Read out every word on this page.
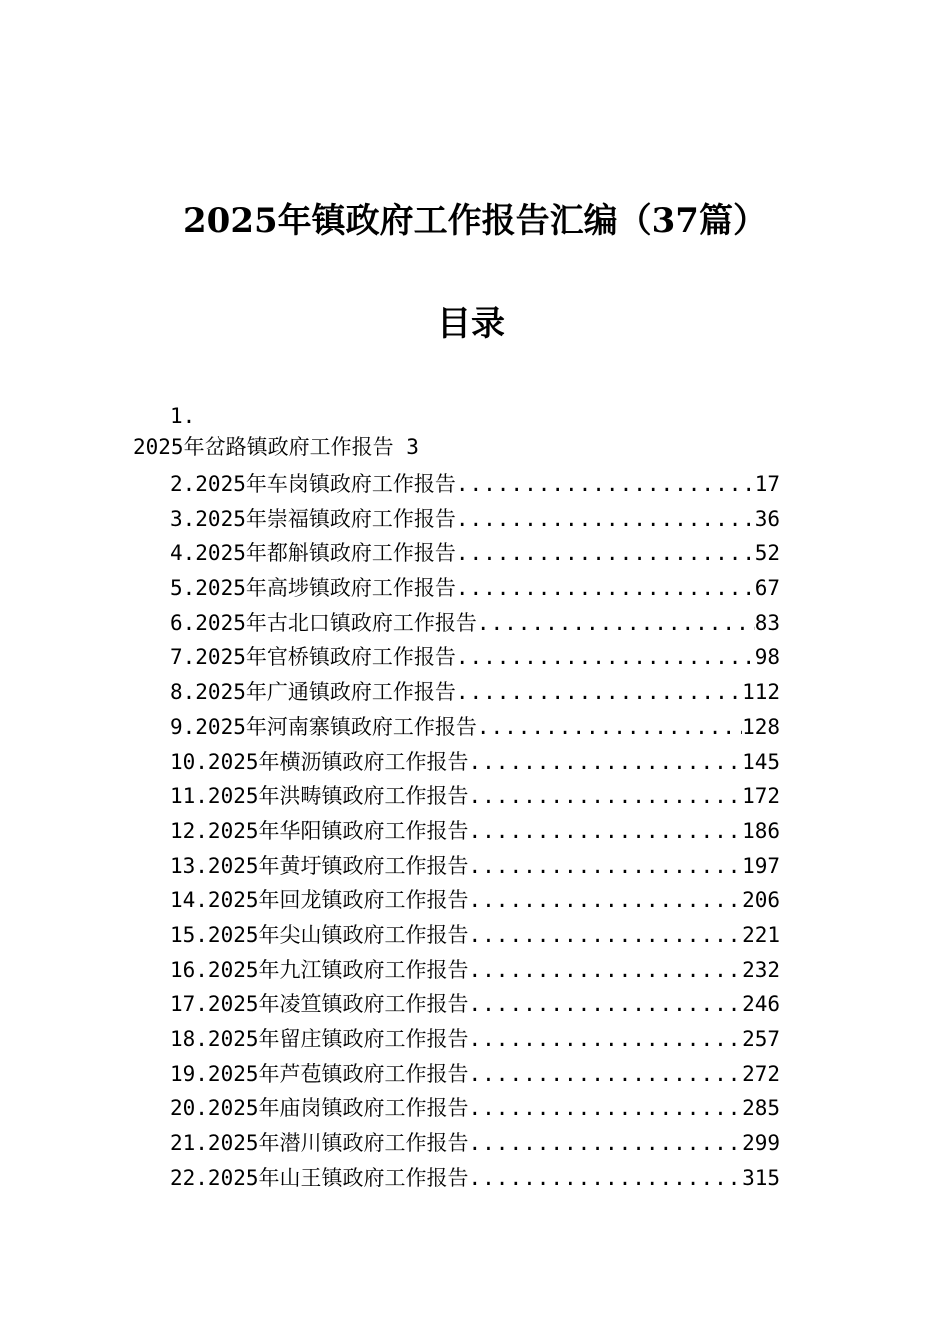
2025年镇政府工作报告汇编（37篇）
目录
1.
2025年岔路镇政府工作报告 3
2.2025年车岗镇政府工作报告 .....	17
3.2025年崇福镇政府工作报告 .....	36
4.2025年都斛镇政府工作报告 .....	52
5.2025年高埗镇政府工作报告 .....	67
6.2025年古北口镇政府工作报告 .....	83
7.2025年官桥镇政府工作报告 .....	98
8.2025年广通镇政府工作报告 .....	112
9.2025年河南寨镇政府工作报告 .....	128
10.2025年横沥镇政府工作报告 .....	145
11.2025年洪畴镇政府工作报告 .....	172
12.2025年华阳镇政府工作报告 .....	186
13.2025年黄圩镇政府工作报告 .....	197
14.2025年回龙镇政府工作报告 .....	206
15.2025年尖山镇政府工作报告 .....	221
16.2025年九江镇政府工作报告 .....	232
17.2025年凌笪镇政府工作报告 .....	246
18.2025年留庄镇政府工作报告 .....	257
19.2025年芦苞镇政府工作报告 .....	272
20.2025年庙岗镇政府工作报告 .....	285
21.2025年潜川镇政府工作报告 .....	299
22.2025年山王镇政府工作报告 .....	315
